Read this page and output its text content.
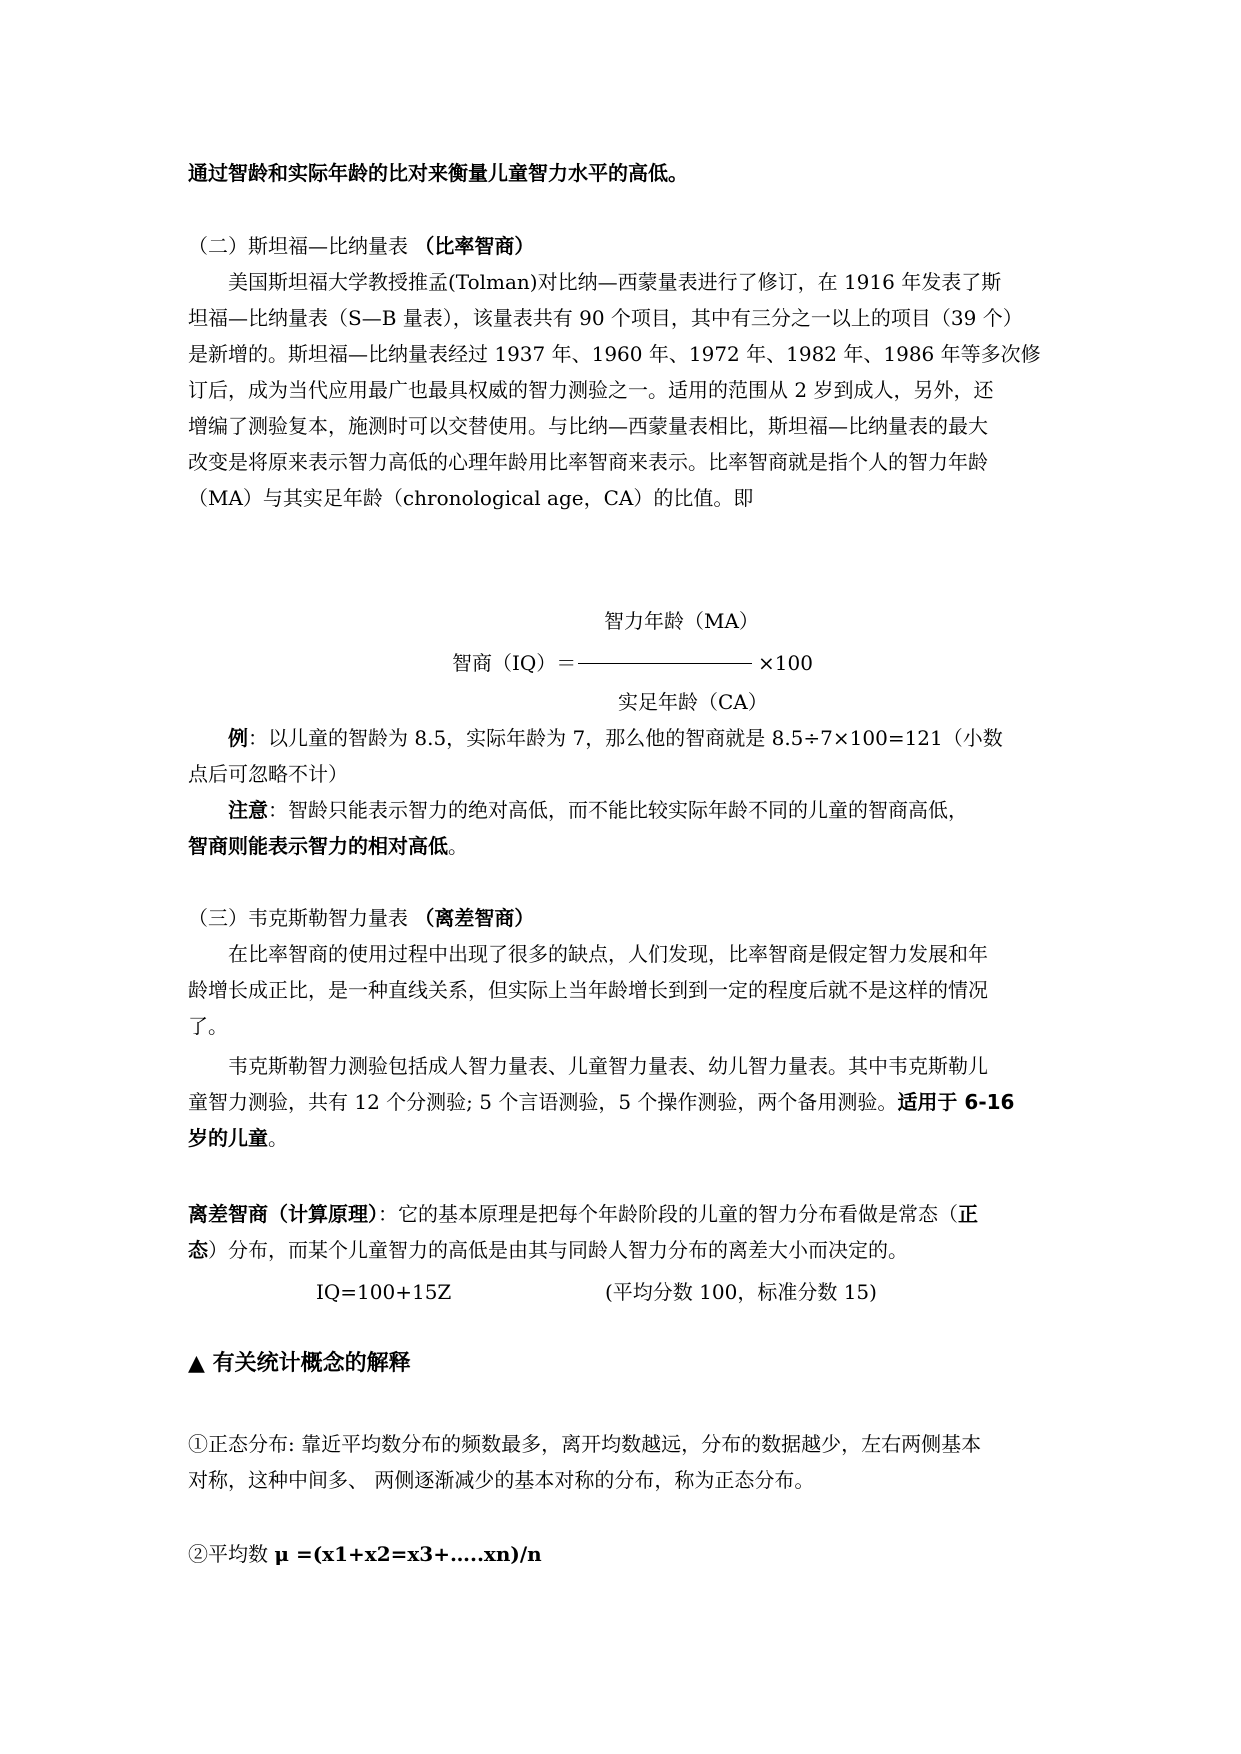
通过智龄和实际年龄的比对来衡量儿童智力水平的高低。
（二）斯坦福—比纳量表 （比率智商）
　　美国斯坦福大学教授推孟(Tolman)对比纳—西蒙量表进行了修订，在 1916 年发表了斯
坦福—比纳量表（S—B 量表），该量表共有 90 个项目，其中有三分之一以上的项目（39 个）
是新增的。斯坦福—比纳量表经过 1937 年、1960 年、1972 年、1982 年、1986 年等多次修
订后，成为当代应用最广也最具权威的智力测验之一。适用的范围从 2 岁到成人，另外，还
增编了测验复本，施测时可以交替使用。与比纳—西蒙量表相比，斯坦福—比纳量表的最大
改变是将原来表示智力高低的心理年龄用比率智商来表示。比率智商就是指个人的智力年龄
（MA）与其实足年龄（chronological age，CA）的比值。即
智力年龄（MA）
智商（IQ）＝	×100
实足年龄（CA）
　　例：以儿童的智龄为 8.5，实际年龄为 7，那么他的智商就是 8.5÷7×100=121（小数
点后可忽略不计）
　　注意：智龄只能表示智力的绝对高低，而不能比较实际年龄不同的儿童的智商高低，
智商则能表示智力的相对高低。
（三）韦克斯勒智力量表 （离差智商）
　　在比率智商的使用过程中出现了很多的缺点，人们发现，比率智商是假定智力发展和年
龄增长成正比，是一种直线关系，但实际上当年龄增长到到一定的程度后就不是这样的情况
了。
　　韦克斯勒智力测验包括成人智力量表、儿童智力量表、幼儿智力量表。其中韦克斯勒儿
童智力测验，共有 12 个分测验; 5 个言语测验，5 个操作测验，两个备用测验。适用于 6-16
岁的儿童。
离差智商（计算原理）：它的基本原理是把每个年龄阶段的儿童的智力分布看做是常态（正
态）分布，而某个儿童智力的高低是由其与同龄人智力分布的离差大小而决定的。
IQ=100+15Z	(平均分数 100，标准分数 15)
▲ 有关统计概念的解释
①正态分布: 靠近平均数分布的频数最多，离开均数越远，分布的数据越少，左右两侧基本
对称，这种中间多、 两侧逐渐减少的基本对称的分布，称为正态分布。
②平均数 μ =(x1+x2=x3+…..xn)/n
